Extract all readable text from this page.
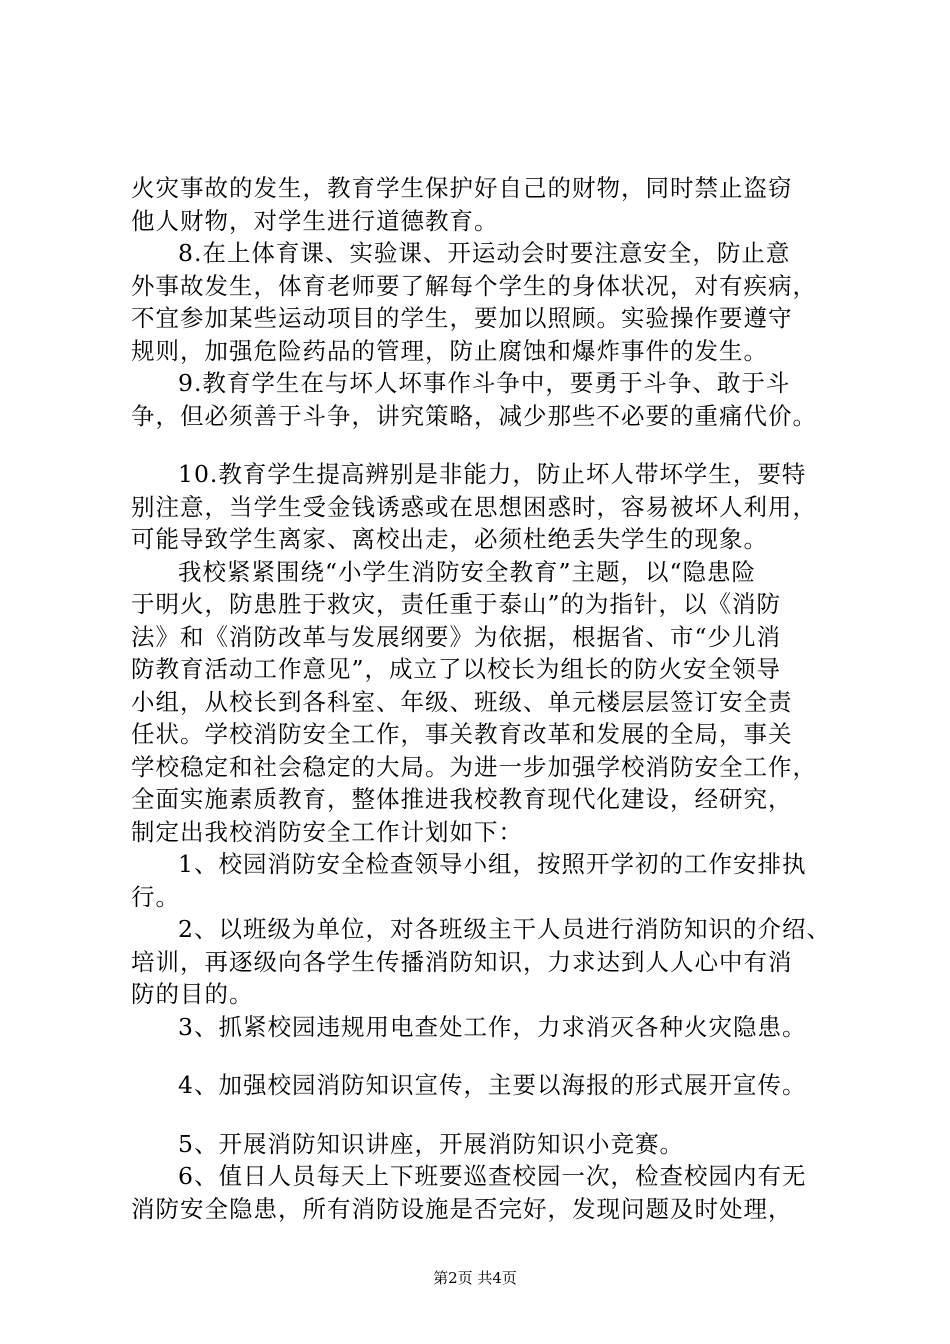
火灾事故的发生，教育学生保护好自己的财物，同时禁止盗窃
他人财物，对学生进行道德教育。
8.在上体育课、实验课、开运动会时要注意安全，防止意
外事故发生，体育老师要了解每个学生的身体状况，对有疾病，
不宜参加某些运动项目的学生，要加以照顾。实验操作要遵守
规则，加强危险药品的管理，防止腐蚀和爆炸事件的发生。
9.教育学生在与坏人坏事作斗争中，要勇于斗争、敢于斗
争，但必须善于斗争，讲究策略，减少那些不必要的重痛代价。
10.教育学生提高辨别是非能力，防止坏人带坏学生，要特
别注意，当学生受金钱诱惑或在思想困惑时，容易被坏人利用，
可能导致学生离家、离校出走，必须杜绝丢失学生的现象。
我校紧紧围绕“小学生消防安全教育”主题，以“隐患险
于明火，防患胜于救灾，责任重于泰山”的为指针，以《消防
法》和《消防改革与发展纲要》为依据，根据省、市“少儿消
防教育活动工作意见”，成立了以校长为组长的防火安全领导
小组，从校长到各科室、年级、班级、单元楼层层签订安全责
任状。学校消防安全工作，事关教育改革和发展的全局，事关
学校稳定和社会稳定的大局。为进一步加强学校消防安全工作，
全面实施素质教育，整体推进我校教育现代化建设，经研究，
制定出我校消防安全工作计划如下：
1、校园消防安全检查领导小组，按照开学初的工作安排执
行。
2、以班级为单位，对各班级主干人员进行消防知识的介绍、
培训，再逐级向各学生传播消防知识，力求达到人人心中有消
防的目的。
3、抓紧校园违规用电查处工作，力求消灭各种火灾隐患。
4、加强校园消防知识宣传，主要以海报的形式展开宣传。
5、开展消防知识讲座，开展消防知识小竞赛。
6、值日人员每天上下班要巡查校园一次，检查校园内有无
消防安全隐患，所有消防设施是否完好，发现问题及时处理，
第2页 共4页
